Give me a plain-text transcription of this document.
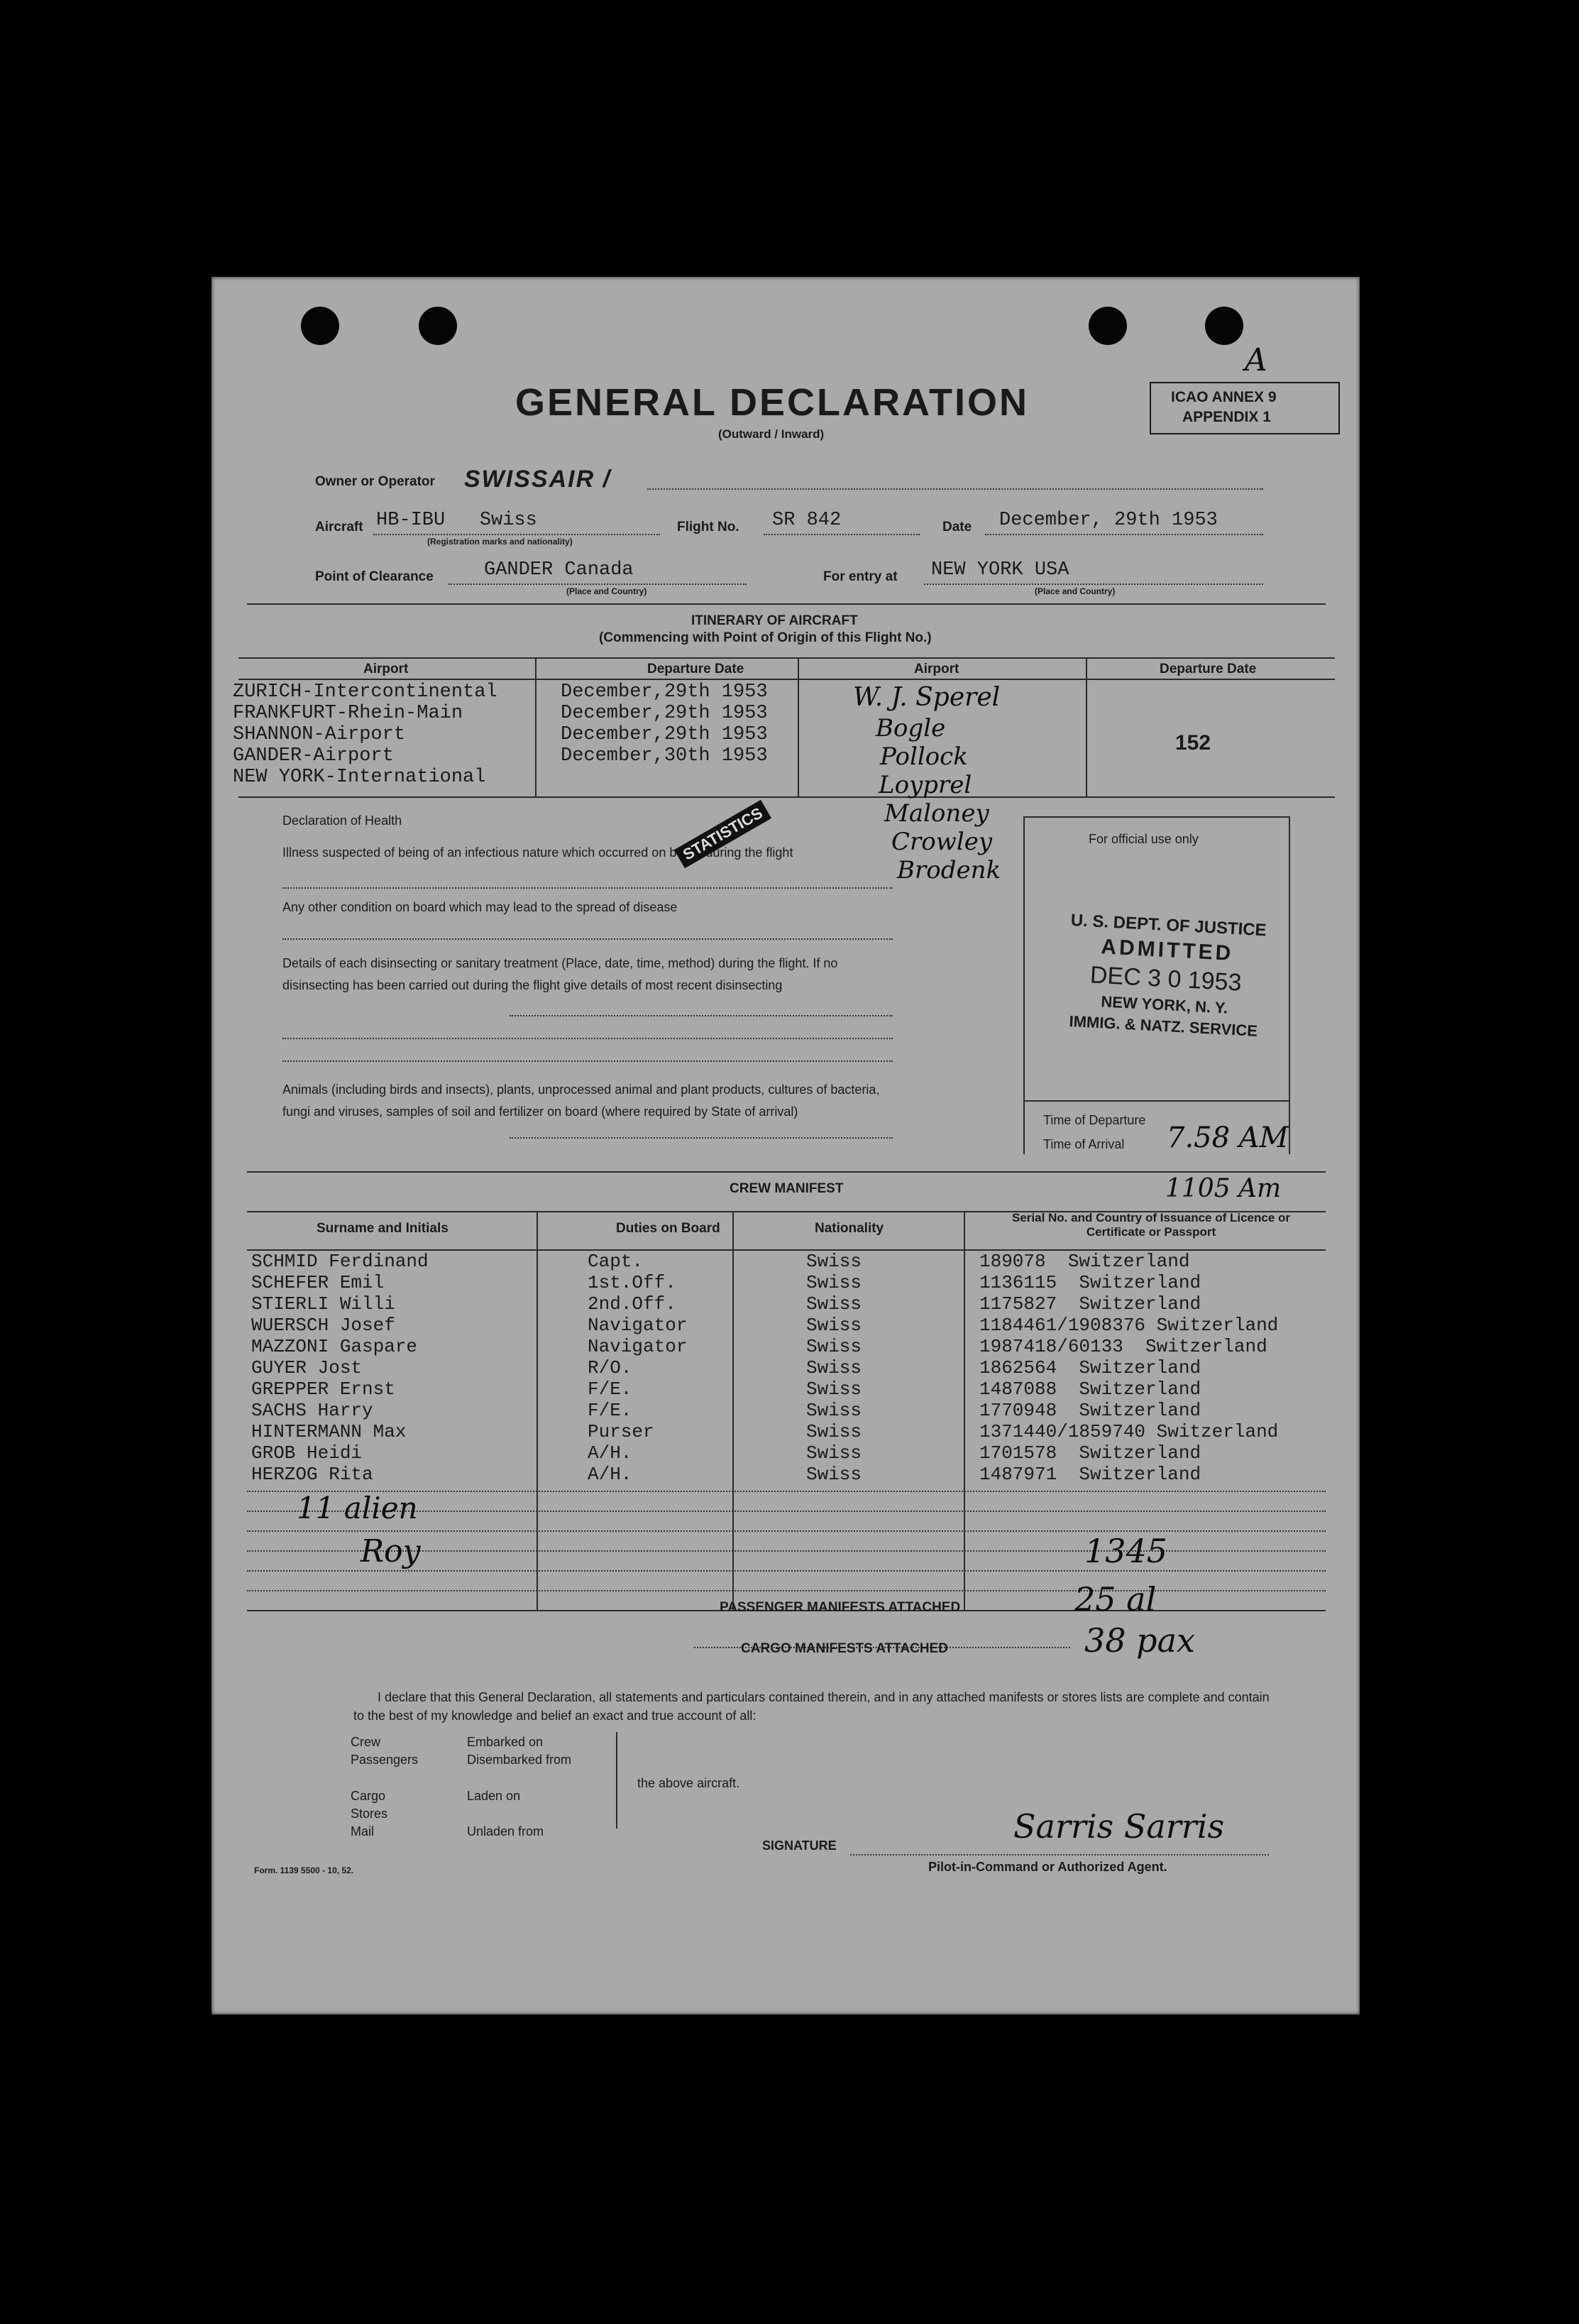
A
GENERAL DECLARATION
(Outward / Inward)
ICAO ANNEX 9
APPENDIX 1
Owner or Operator SWISSAIR /
Aircraft HB-IBU   Swiss
(Registration marks and nationality)
Flight No. SR 842	Date December, 29th 1953
Point of Clearance	GANDER Canada
(Place and Country)
For entry at NEW YORK USA
(Place and Country)
ITINERARY OF AIRCRAFT
(Commencing with Point of Origin of this Flight No.)
Airport	Departure Date	Airport	Departure Date
ZURICH-Intercontinental	December,29th 1953
FRANKFURT-Rhein-Main	December,29th 1953
SHANNON-Airport	December,29th 1953
GANDER-Airport	December,30th 1953
NEW YORK-International
W. J. Sperel
Bogle
Pollock
Loyprel
Maloney
Crowley
Brodenk
152
Declaration of Health
Illness suspected of being of an infectious nature which occurred on board during the flight
STATISTICS
Any other condition on board which may lead to the spread of disease
Details of each disinsecting or sanitary treatment (Place, date, time, method) during the flight. If no disinsecting has been carried out during the flight give details of most recent disinsecting
Animals (including birds and insects), plants, unprocessed animal and plant products, cultures of bacteria, fungi and viruses, samples of soil and fertilizer on board (where required by State of arrival)
For official use only
U. S. DEPT. OF JUSTICE
ADMITTED
DEC 3 0 1953
NEW YORK, N. Y.
IMMIG. & NATZ. SERVICE
Time of Departure
Time of Arrival 7.58 AM
1105 Am
CREW MANIFEST
Surname and Initials	Duties on Board	Nationality
Serial No. and Country of Issuance of Licence or Certificate or Passport
SCHMID Ferdinand	Capt.	Swiss	189078  Switzerland
SCHEFER Emil	1st.Off.	Swiss	1136115  Switzerland
STIERLI Willi	2nd.Off.	Swiss	1175827  Switzerland
WUERSCH Josef	Navigator	Swiss	1184461/1908376 Switzerland
MAZZONI Gaspare	Navigator	Swiss	1987418/60133  Switzerland
GUYER Jost	R/O.	Swiss	1862564  Switzerland
GREPPER Ernst	F/E.	Swiss	1487088  Switzerland
SACHS Harry	F/E.	Swiss	1770948  Switzerland
HINTERMANN Max	Purser	Swiss	1371440/1859740 Switzerland
GROB Heidi	A/H.	Swiss	1701578  Switzerland
HERZOG Rita	A/H.	Swiss	1487971  Switzerland
11 alien
Roy	1345
PASSENGER MANIFESTS ATTACHED	25 al
CARGO MANIFESTS ATTACHED	38 pax
I declare that this General Declaration, all statements and particulars contained therein, and in any attached manifests or stores lists are complete and contain to the best of my knowledge and belief an exact and true account of all:
Crew
Passengers
Cargo
Stores
Mail
Embarked on
Disembarked from
Laden on
Unladen from
the above aircraft.
SIGNATURE	Sarris Sarris
Pilot-in-Command or Authorized Agent.
Form. 1139 5500 - 10, 52.
